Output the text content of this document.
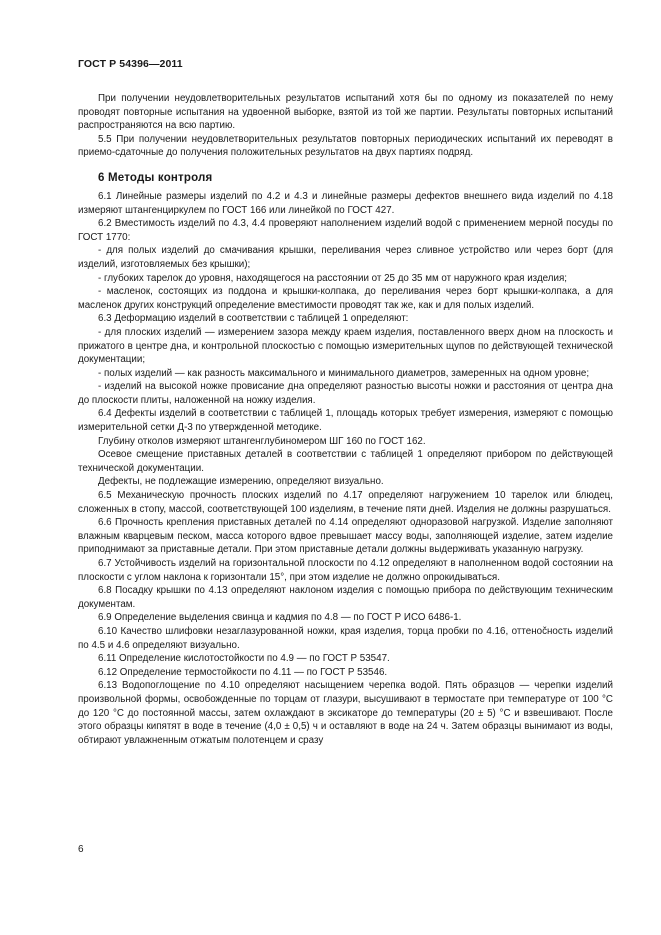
ГОСТ Р 54396—2011

При получении неудовлетворительных результатов испытаний хотя бы по одному из показателей по нему проводят повторные испытания на удвоенной выборке, взятой из той же партии. Результаты повторных испытаний распространяются на всю партию.

5.5 При получении неудовлетворительных результатов повторных периодических испытаний их переводят в приемо-сдаточные до получения положительных результатов на двух партиях подряд.

6 Методы контроля

6.1 Линейные размеры изделий по 4.2 и 4.3 и линейные размеры дефектов внешнего вида изделий по 4.18 измеряют штангенциркулем по ГОСТ 166 или линейкой по ГОСТ 427.

6.2 Вместимость изделий по 4.3, 4.4 проверяют наполнением изделий водой с применением мерной посуды по ГОСТ 1770:

- для полых изделий до смачивания крышки, переливания через сливное устройство или через борт (для изделий, изготовляемых без крышки);

- глубоких тарелок до уровня, находящегося на расстоянии от 25 до 35 мм от наружного края изделия;

- масленок, состоящих из поддона и крышки-колпака, до переливания через борт крышки-колпака, а для масленок других конструкций определение вместимости проводят так же, как и для полых изделий.

6.3 Деформацию изделий в соответствии с таблицей 1 определяют:

- для плоских изделий — измерением зазора между краем изделия, поставленного вверх дном на плоскость и прижатого в центре дна, и контрольной плоскостью с помощью измерительных щупов по действующей технической документации;

- полых изделий — как разность максимального и минимального диаметров, замеренных на одном уровне;

- изделий на высокой ножке провисание дна определяют разностью высоты ножки и расстояния от центра дна до плоскости плиты, наложенной на ножку изделия.

6.4 Дефекты изделий в соответствии с таблицей 1, площадь которых требует измерения, измеряют с помощью измерительной сетки Д-3 по утвержденной методике.

Глубину отколов измеряют штангенглубиномером ШГ 160 по ГОСТ 162.

Осевое смещение приставных деталей в соответствии с таблицей 1 определяют прибором по действующей технической документации.

Дефекты, не подлежащие измерению, определяют визуально.

6.5 Механическую прочность плоских изделий по 4.17 определяют нагружением 10 тарелок или блюдец, сложенных в стопу, массой, соответствующей 100 изделиям, в течение пяти дней. Изделия не должны разрушаться.

6.6 Прочность крепления приставных деталей по 4.14 определяют одноразовой нагрузкой. Изделие заполняют влажным кварцевым песком, масса которого вдвое превышает массу воды, заполняющей изделие, затем изделие приподнимают за приставные детали. При этом приставные детали должны выдерживать указанную нагрузку.

6.7 Устойчивость изделий на горизонтальной плоскости по 4.12 определяют в наполненном водой состоянии на плоскости с углом наклона к горизонтали 15°, при этом изделие не должно опрокидываться.

6.8 Посадку крышки по 4.13 определяют наклоном изделия с помощью прибора по действующим техническим документам.

6.9 Определение выделения свинца и кадмия по 4.8 — по ГОСТ Р ИСО 6486-1.

6.10 Качество шлифовки незаглазурованной ножки, края изделия, торца пробки по 4.16, оттенočность изделий по 4.5 и 4.6 определяют визуально.

6.11 Определение кислотостойкости по 4.9 — по ГОСТ Р 53547.

6.12 Определение термостойкости по 4.11 — по ГОСТ Р 53546.

6.13 Водопоглощение по 4.10 определяют насыщением черепка водой. Пять образцов — черепки изделий произвольной формы, освобожденные по торцам от глазури, высушивают в термостате при температуре от 100 °С до 120 °С до постоянной массы, затем охлаждают в эксикаторе до температуры (20 ± 5) °С и взвешивают. После этого образцы кипятят в воде в течение (4,0 ± 0,5) ч и оставляют в воде на 24 ч. Затем образцы вынимают из воды, обтирают увлажненным отжатым полотенцем и сразу

6
